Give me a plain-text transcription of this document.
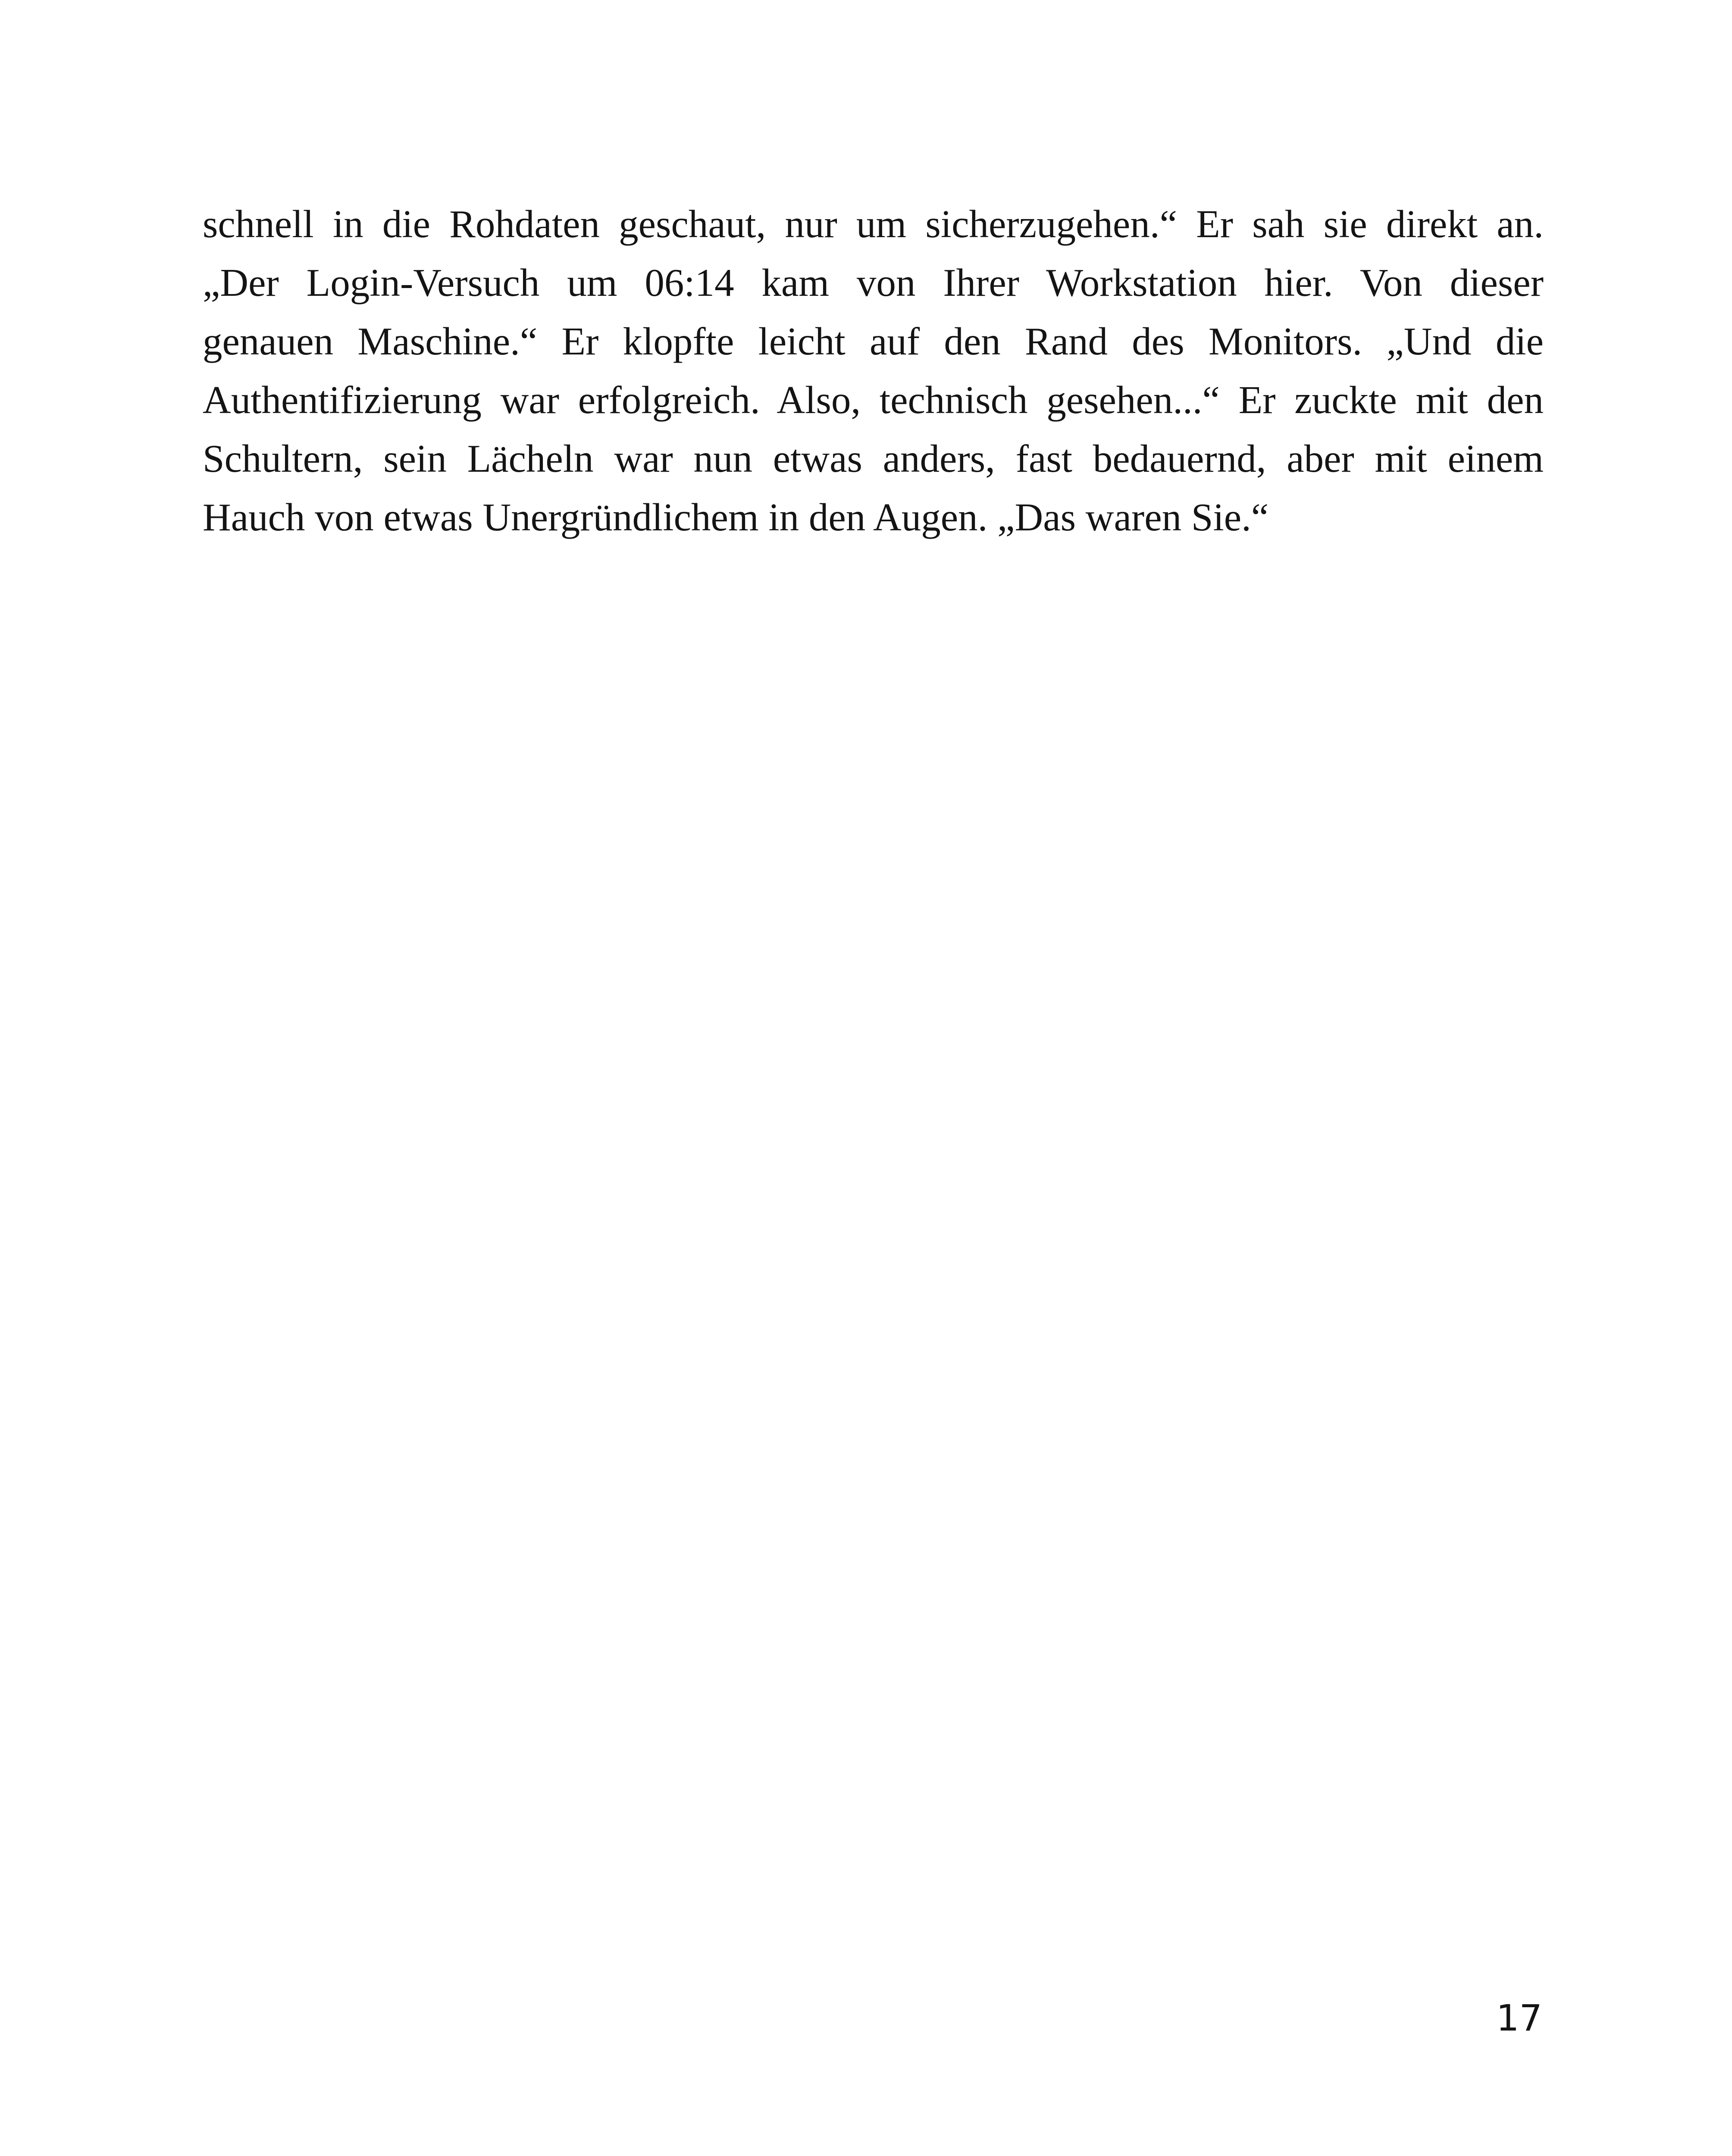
schnell in die Rohdaten geschaut, nur um sicherzugehen.“ Er sah sie direkt an.
„Der Login-Versuch um 06:14 kam von Ihrer Workstation hier. Von dieser
genauen Maschine.“ Er klopfte leicht auf den Rand des Monitors. „Und die
Authentifizierung war erfolgreich. Also, technisch gesehen...“ Er zuckte mit den
Schultern, sein Lächeln war nun etwas anders, fast bedauernd, aber mit einem
Hauch von etwas Unergründlichem in den Augen. „Das waren Sie.“
17
